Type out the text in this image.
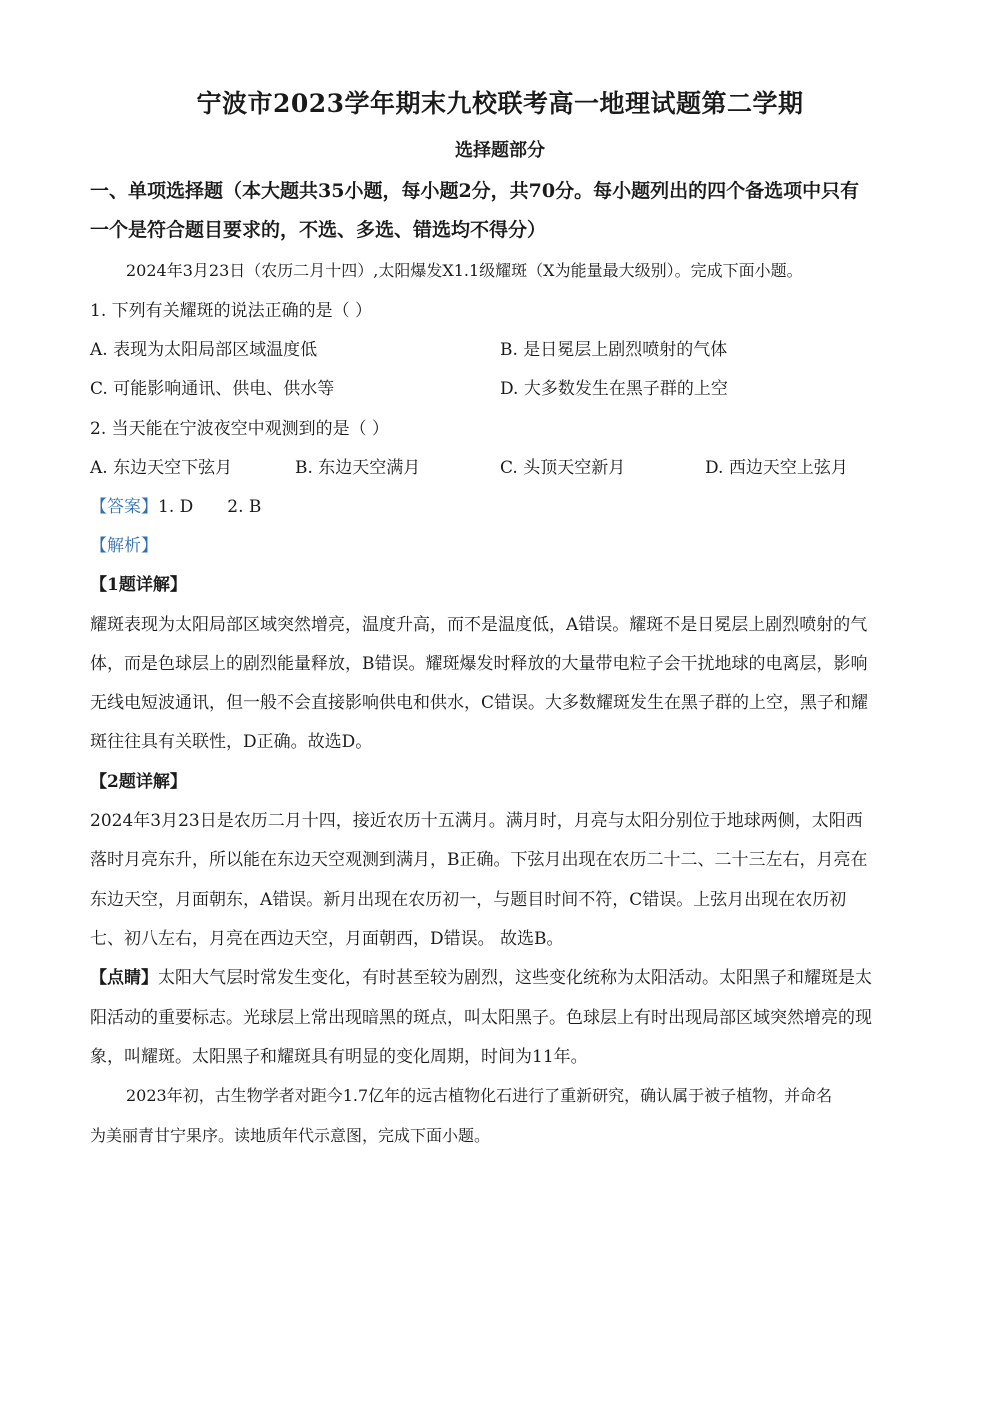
宁波市2023学年期末九校联考高一地理试题第二学期
选择题部分
一、单项选择题（本大题共35小题，每小题2分，共70分。每小题列出的四个备选项中只有
一个是符合题目要求的，不选、多选、错选均不得分）
2024年3月23日（农历二月十四）,太阳爆发X1.1级耀斑（X为能量最大级别）。完成下面小题。
1. 下列有关耀斑的说法正确的是（ ）
A. 表现为太阳局部区域温度低	B. 是日冕层上剧烈喷射的气体
C. 可能影响通讯、供电、供水等	D. 大多数发生在黑子群的上空
2. 当天能在宁波夜空中观测到的是（ ）
A. 东边天空下弦月	B. 东边天空满月	C. 头顶天空新月	D. 西边天空上弦月
【答案】1. D 2. B
【解析】
【1题详解】
耀斑表现为太阳局部区域突然增亮，温度升高，而不是温度低，A错误。耀斑不是日冕层上剧烈喷射的气
体，而是色球层上的剧烈能量释放，B错误。耀斑爆发时释放的大量带电粒子会干扰地球的电离层，影响
无线电短波通讯，但一般不会直接影响供电和供水，C错误。大多数耀斑发生在黑子群的上空，黑子和耀
斑往往具有关联性，D正确。故选D。
【2题详解】
2024年3月23日是农历二月十四，接近农历十五满月。满月时，月亮与太阳分别位于地球两侧，太阳西
落时月亮东升，所以能在东边天空观测到满月，B正确。下弦月出现在农历二十二、二十三左右，月亮在
东边天空，月面朝东，A错误。新月出现在农历初一，与题目时间不符，C错误。上弦月出现在农历初
七、初八左右，月亮在西边天空，月面朝西，D错误。 故选B。
【点睛】太阳大气层时常发生变化，有时甚至较为剧烈，这些变化统称为太阳活动。太阳黑子和耀斑是太
阳活动的重要标志。光球层上常出现暗黑的斑点，叫太阳黑子。色球层上有时出现局部区域突然增亮的现
象，叫耀斑。太阳黑子和耀斑具有明显的变化周期，时间为11年。
2023年初，古生物学者对距今1.7亿年的远古植物化石进行了重新研究，确认属于被子植物，并命名
为美丽青甘宁果序。读地质年代示意图，完成下面小题。
